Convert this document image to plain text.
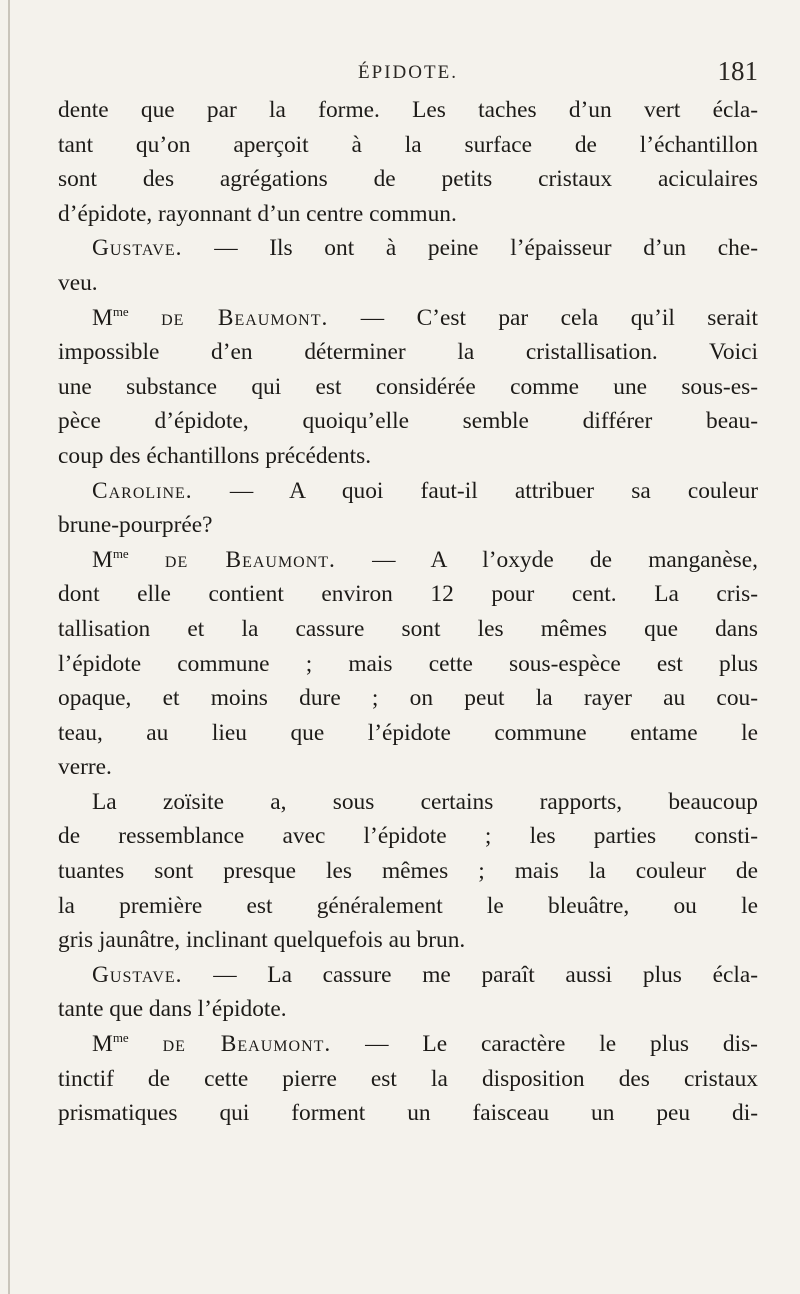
ÉPIDOTE.	181
dente que par la forme. Les taches d’un vert écla-
tant qu’on aperçoit à la surface de l’échantillon
sont des agrégations de petits cristaux aciculaires
d’épidote, rayonnant d’un centre commun.
Gustave. — Ils ont à peine l’épaisseur d’un che-
veu.
$M^{me}$ de Beaumont. — C’est par cela qu’il serait
impossible d’en déterminer la cristallisation. Voici
une substance qui est considérée comme une sous-es-
pèce d’épidote, quoiqu’elle semble différer beau-
coup des échantillons précédents.
Caroline. — A quoi faut-il attribuer sa couleur
brune-pourprée?
$M^{me}$ de Beaumont. — A l’oxyde de manganèse,
dont elle contient environ 12 pour cent. La cris-
tallisation et la cassure sont les mêmes que dans
l’épidote commune ; mais cette sous-espèce est plus
opaque, et moins dure ; on peut la rayer au cou-
teau, au lieu que l’épidote commune entame le
verre.
La zoïsite a, sous certains rapports, beaucoup
de ressemblance avec l’épidote ; les parties consti-
tuantes sont presque les mêmes ; mais la couleur de
la première est généralement le bleuâtre, ou le
gris jaunâtre, inclinant quelquefois au brun.
Gustave. — La cassure me paraît aussi plus écla-
tante que dans l’épidote.
$M^{me}$ de Beaumont. — Le caractère le plus dis-
tinctif de cette pierre est la disposition des cristaux
prismatiques qui forment un faisceau un peu di-
